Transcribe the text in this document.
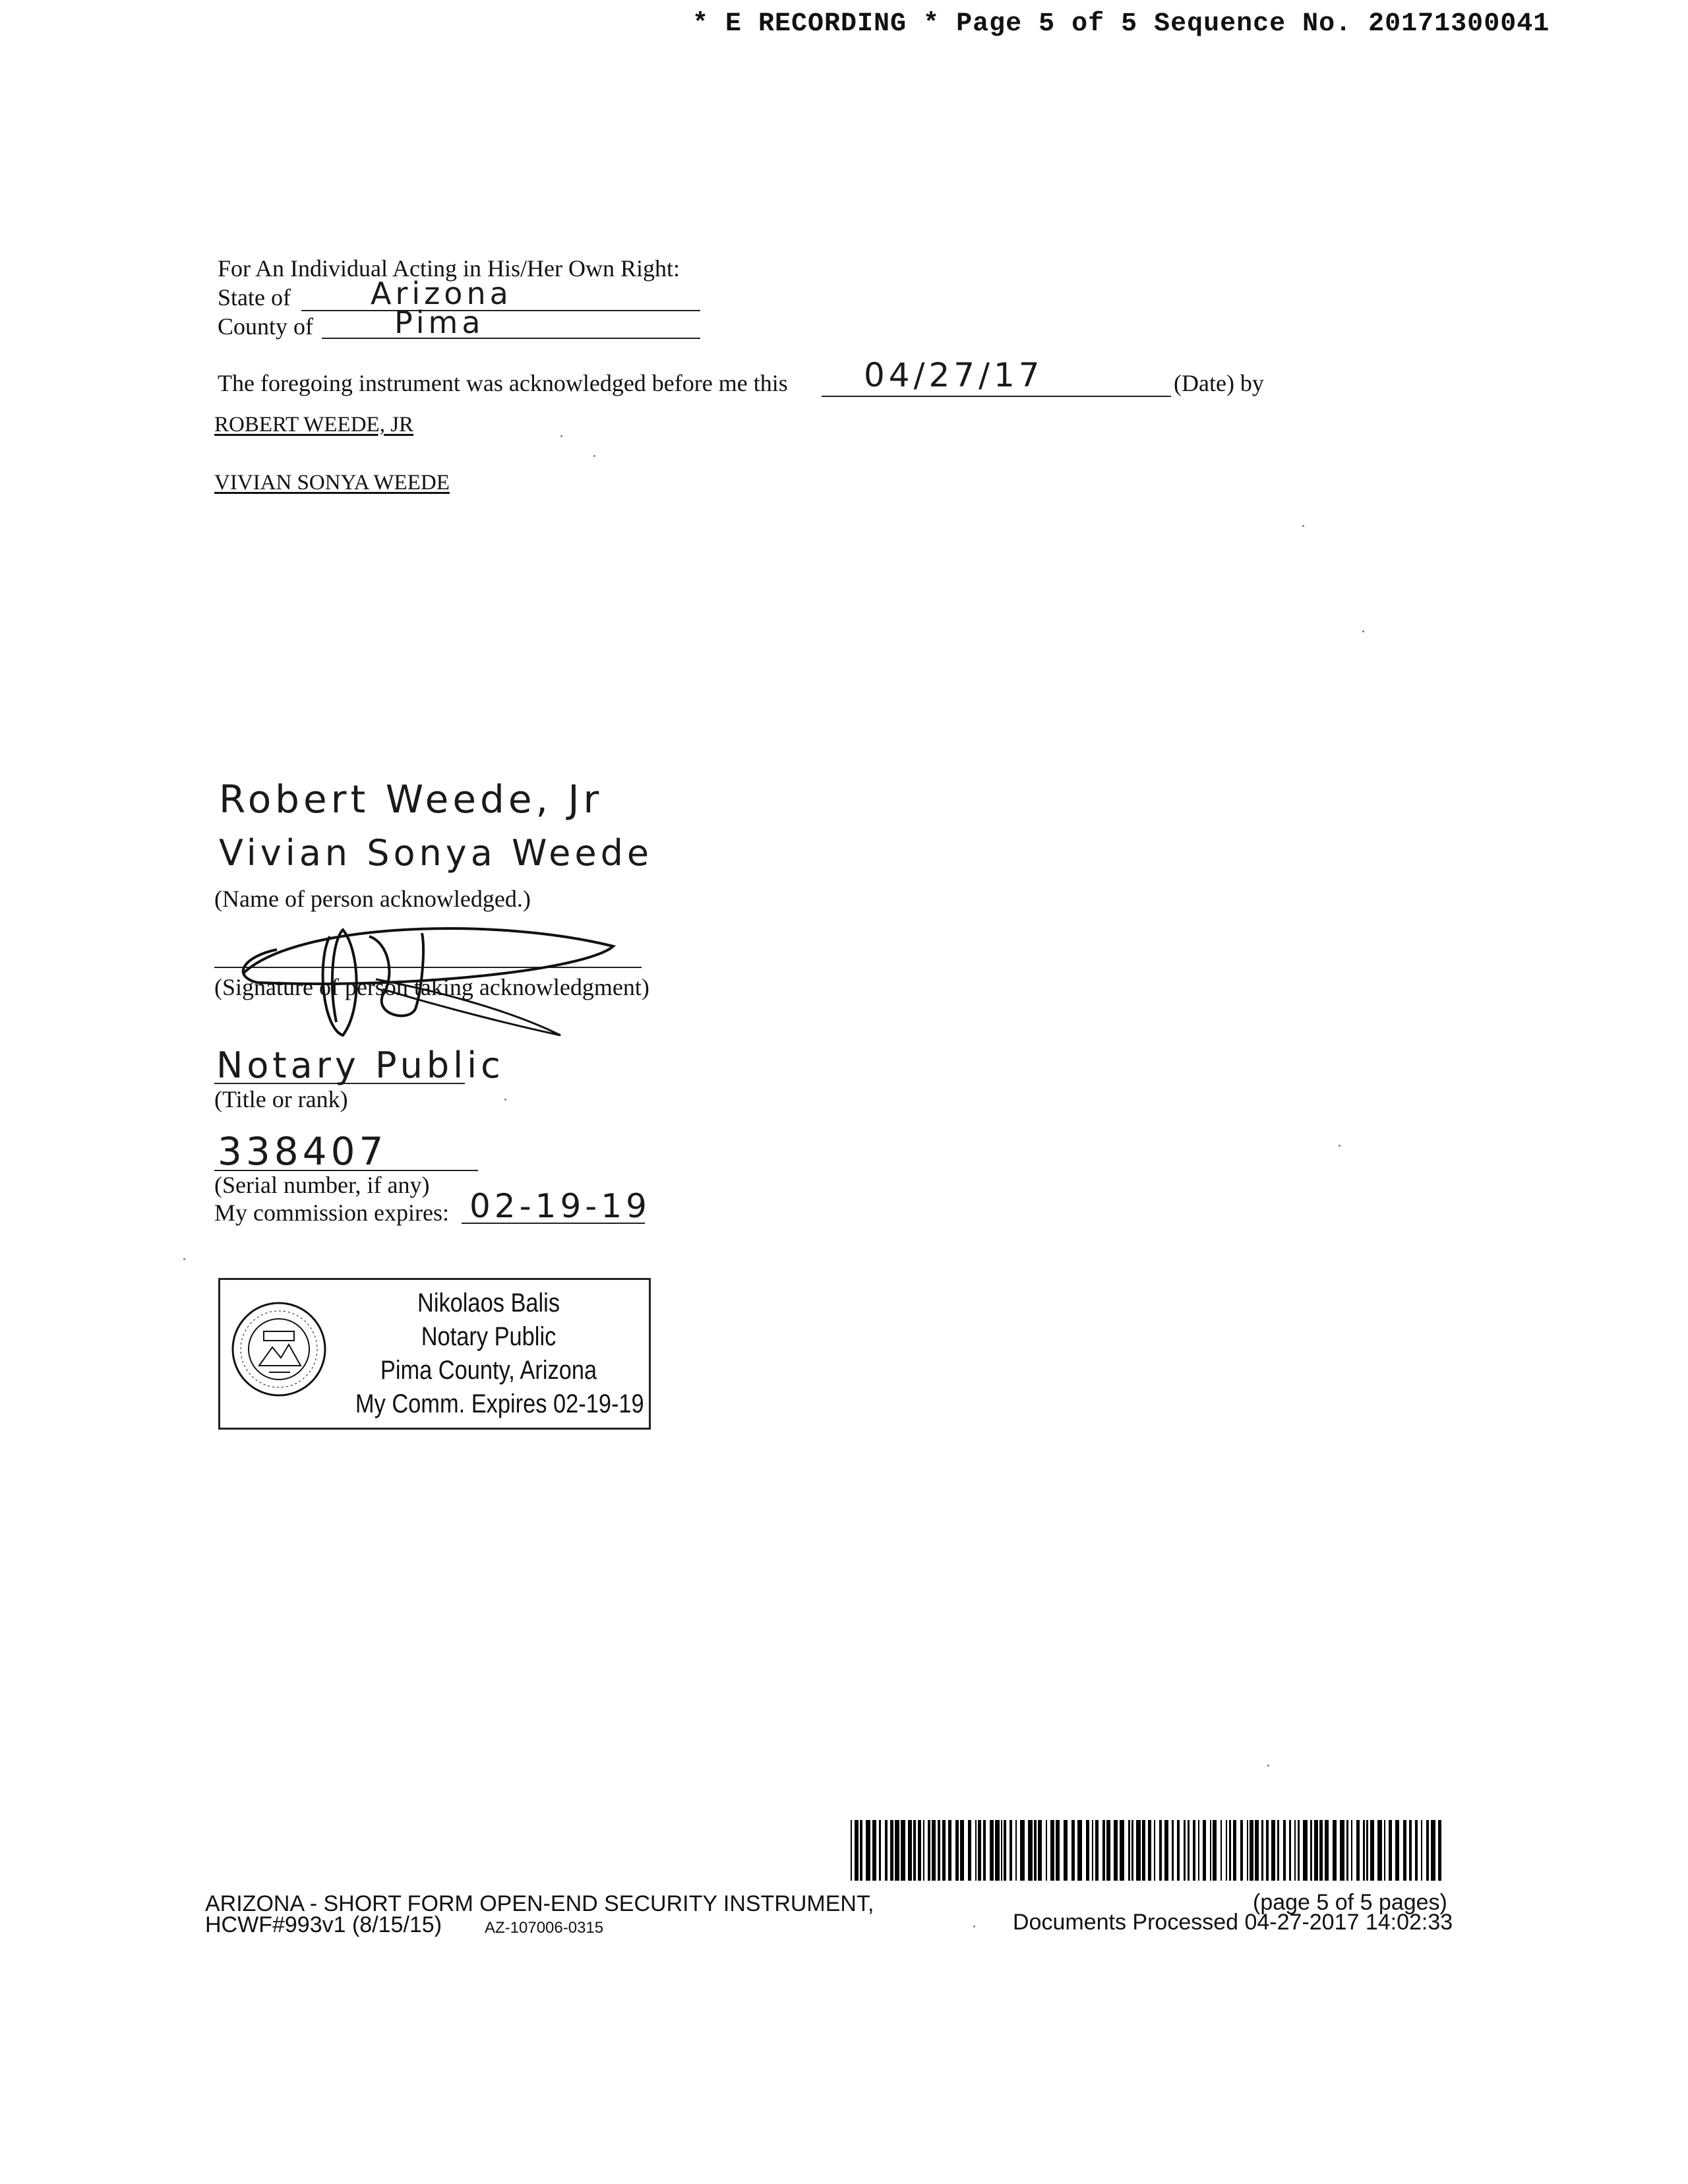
* E RECORDING * Page 5 of 5 Sequence No. 20171300041
For An Individual Acting in His/Her Own Right:
State of	Arizona
County of	Pima
The foregoing instrument was acknowledged before me this 04/27/17	(Date) by
ROBERT WEEDE, JR
VIVIAN SONYA WEEDE
Robert Weede, Jr
Vivian Sonya Weede
(Name of person acknowledged.)
(Signature of person taking acknowledgment)
Notary Public
(Title or rank)
338407
(Serial number, if any)
My commission expires: 02-19-19
Nikolaos Balis
Notary Public
Pima County, Arizona
My Comm. Expires 02-19-19
ARIZONA - SHORT FORM OPEN-END SECURITY INSTRUMENT,
HCWF#993v1 (8/15/15)	AZ-107006-0315
(page 5 of 5 pages)
Documents Processed 04-27-2017 14:02:33
